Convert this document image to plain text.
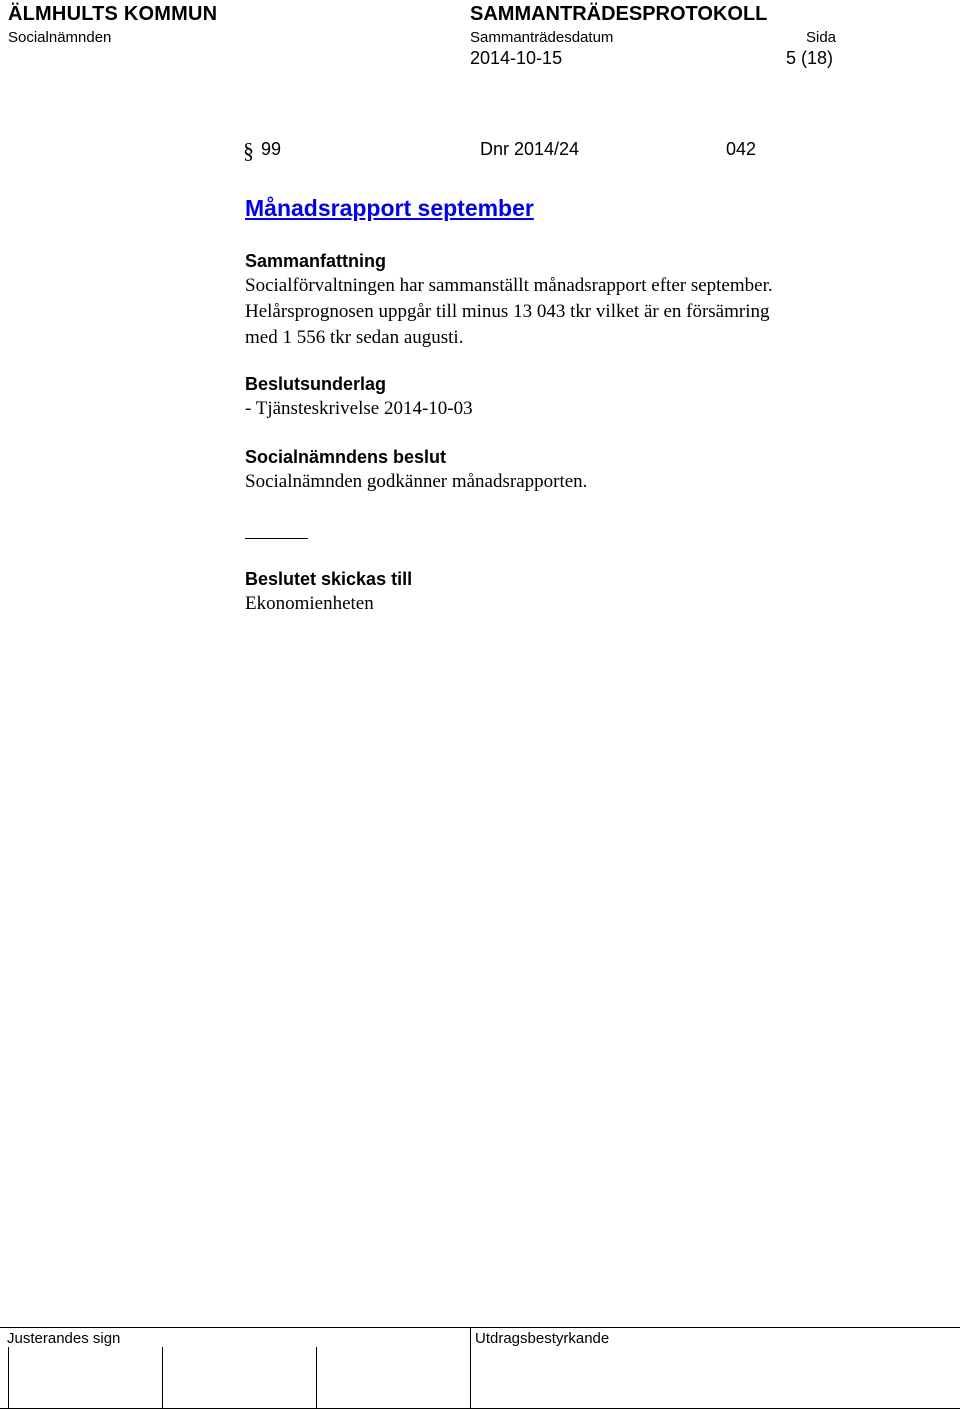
ÄLMHULTS KOMMUN	SAMMANTRÄDESPROTOKOLL
Socialnämnden	Sammanträdesdatum	Sida
2014-10-15	5 (18)
§ 99	Dnr 2014/24	042
Månadsrapport september
Sammanfattning
Socialförvaltningen har sammanställt månadsrapport efter september.
Helårsprognosen uppgår till minus 13 043 tkr vilket är en försämring
med 1 556 tkr sedan augusti.
Beslutsunderlag
- Tjänsteskrivelse 2014-10-03
Socialnämndens beslut
Socialnämnden godkänner månadsrapporten.
Beslutet skickas till
Ekonomienheten
Justerandes sign	Utdragsbestyrkande
